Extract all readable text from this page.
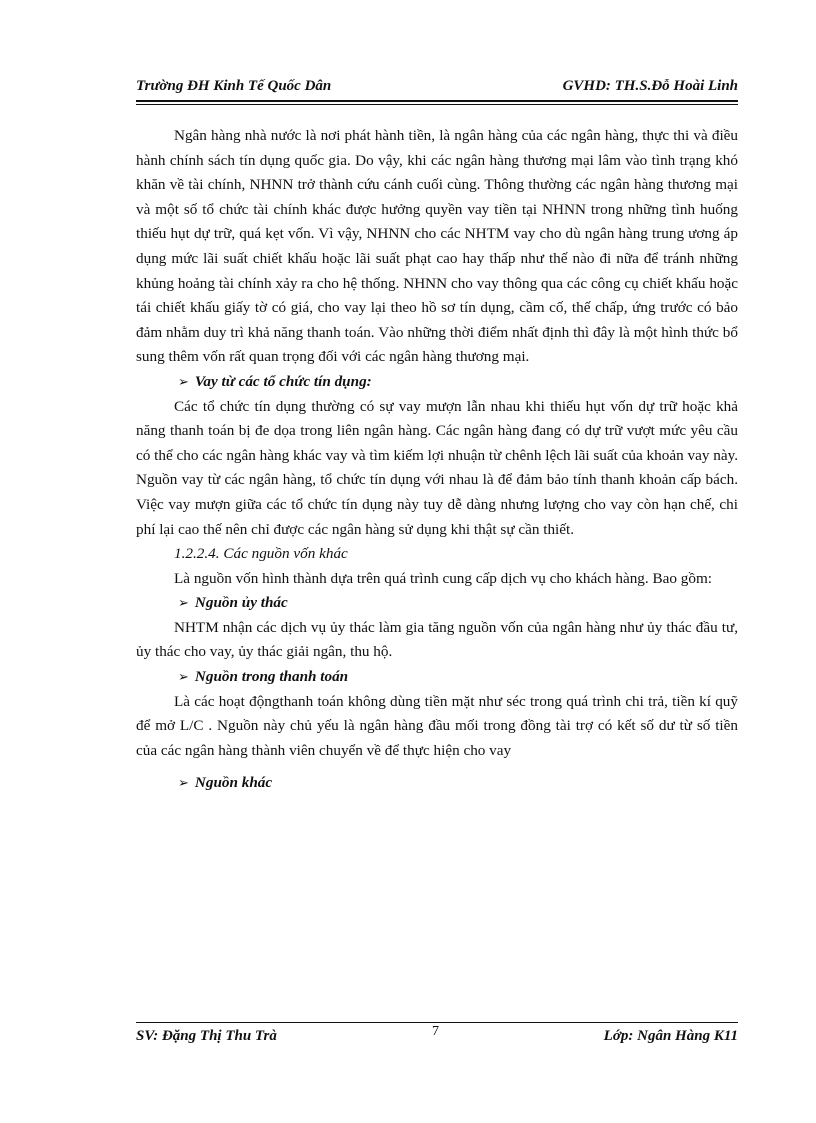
Trường ĐH Kinh Tế Quốc Dân	GVHD: TH.S.Đỗ Hoài Linh

Ngân hàng nhà nước là nơi phát hành tiền, là ngân hàng của các ngân hàng, thực thi và điều hành chính sách tín dụng quốc gia. Do vậy, khi các ngân hàng thương mại lâm vào tình trạng khó khăn về tài chính, NHNN trở thành cứu cánh cuối cùng. Thông thường các ngân hàng thương mại và một số tổ chức tài chính khác được hưởng quyền vay tiền tại NHNN trong những tình huống thiếu hụt dự trữ, quá kẹt vốn. Vì vậy, NHNN cho các NHTM vay cho dù ngân hàng trung ương áp dụng mức lãi suất chiết khấu hoặc lãi suất phạt cao hay thấp như thế nào đi nữa để tránh những khủng hoảng tài chính xảy ra cho hệ thống. NHNN cho vay thông qua các công cụ chiết khấu hoặc tái chiết khấu giấy tờ có giá, cho vay lại theo hồ sơ tín dụng, cầm cố, thế chấp, ứng trước có bảo đảm nhằm duy trì khả năng thanh toán. Vào những thời điểm nhất định thì đây là một hình thức bổ sung thêm vốn rất quan trọng đối với các ngân hàng thương mại.

➢ Vay từ các tổ chức tín dụng:

Các tổ chức tín dụng thường có sự vay mượn lẫn nhau khi thiếu hụt vốn dự trữ hoặc khả năng thanh toán bị đe dọa trong liên ngân hàng. Các ngân hàng đang có dự trữ vượt mức yêu cầu có thể cho các ngân hàng khác vay và tìm kiếm lợi nhuận từ chênh lệch lãi suất của khoản vay này. Nguồn vay từ các ngân hàng, tổ chức tín dụng với nhau là để đảm bảo tính thanh khoản cấp bách. Việc vay mượn giữa các tổ chức tín dụng này tuy dễ dàng nhưng lượng cho vay còn hạn chế, chi phí lại cao thế nên chỉ được các ngân hàng sử dụng khi thật sự cần thiết.

1.2.2.4. Các nguồn vốn khác

Là nguồn vốn hình thành dựa trên quá trình cung cấp dịch vụ cho khách hàng. Bao gồm:

➢ Nguồn ủy thác

NHTM nhận các dịch vụ ủy thác làm gia tăng nguồn vốn của ngân hàng như ủy thác đầu tư, ủy thác cho vay, ủy thác giải ngân, thu hộ.

➢ Nguồn trong thanh toán

Là các hoạt độngthanh toán không dùng tiền mặt như séc trong quá trình chi trả, tiền kí quỹ để mở L/C . Nguồn này chủ yếu là ngân hàng đầu mối trong đồng tài trợ có kết số dư từ số tiền của các ngân hàng thành viên chuyển về để thực hiện cho vay

➢ Nguồn khác

SV: Đặng Thị Thu Trà	7	Lớp: Ngân Hàng K11
